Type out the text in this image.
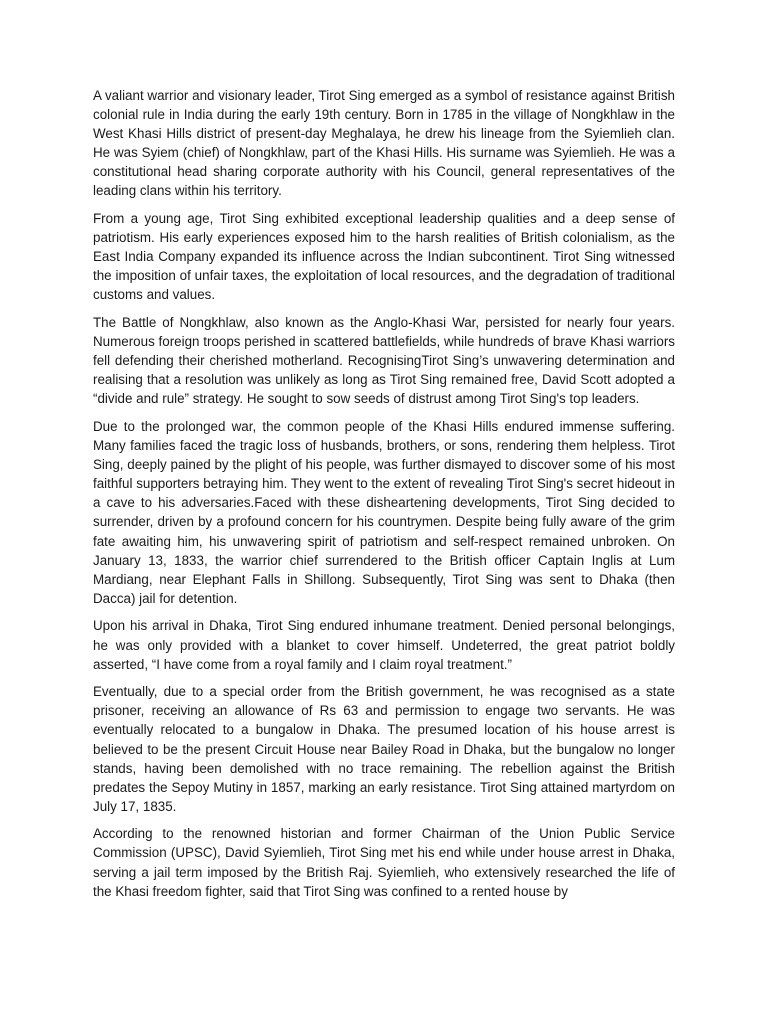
A valiant warrior and visionary leader, Tirot Sing emerged as a symbol of resistance against British colonial rule in India during the early 19th century. Born in 1785 in the village of Nongkhlaw in the West Khasi Hills district of present-day Meghalaya, he drew his lineage from the Syiemlieh clan. He was Syiem (chief) of Nongkhlaw, part of the Khasi Hills. His surname was Syiemlieh. He was a constitutional head sharing corporate authority with his Council, general representatives of the leading clans within his territory.

From a young age, Tirot Sing exhibited exceptional leadership qualities and a deep sense of patriotism. His early experiences exposed him to the harsh realities of British colonialism, as the East India Company expanded its influence across the Indian subcontinent. Tirot Sing witnessed the imposition of unfair taxes, the exploitation of local resources, and the degradation of traditional customs and values.

The Battle of Nongkhlaw, also known as the Anglo-Khasi War, persisted for nearly four years. Numerous foreign troops perished in scattered battlefields, while hundreds of brave Khasi warriors fell defending their cherished motherland. RecognisingTirot Sing’s unwavering determination and realising that a resolution was unlikely as long as Tirot Sing remained free, David Scott adopted a “divide and rule” strategy. He sought to sow seeds of distrust among Tirot Sing's top leaders.

Due to the prolonged war, the common people of the Khasi Hills endured immense suffering. Many families faced the tragic loss of husbands, brothers, or sons, rendering them helpless. Tirot Sing, deeply pained by the plight of his people, was further dismayed to discover some of his most faithful supporters betraying him. They went to the extent of revealing Tirot Sing's secret hideout in a cave to his adversaries.Faced with these disheartening developments, Tirot Sing decided to surrender, driven by a profound concern for his countrymen. Despite being fully aware of the grim fate awaiting him, his unwavering spirit of patriotism and self-respect remained unbroken. On January 13, 1833, the warrior chief surrendered to the British officer Captain Inglis at Lum Mardiang, near Elephant Falls in Shillong. Subsequently, Tirot Sing was sent to Dhaka (then Dacca) jail for detention.

Upon his arrival in Dhaka, Tirot Sing endured inhumane treatment. Denied personal belongings, he was only provided with a blanket to cover himself. Undeterred, the great patriot boldly asserted, “I have come from a royal family and I claim royal treatment.”

Eventually, due to a special order from the British government, he was recognised as a state prisoner, receiving an allowance of Rs 63 and permission to engage two servants. He was eventually relocated to a bungalow in Dhaka. The presumed location of his house arrest is believed to be the present Circuit House near Bailey Road in Dhaka, but the bungalow no longer stands, having been demolished with no trace remaining. The rebellion against the British predates the Sepoy Mutiny in 1857, marking an early resistance. Tirot Sing attained martyrdom on July 17, 1835.

According to the renowned historian and former Chairman of the Union Public Service Commission (UPSC), David Syiemlieh, Tirot Sing met his end while under house arrest in Dhaka, serving a jail term imposed by the British Raj. Syiemlieh, who extensively researched the life of the Khasi freedom fighter, said that Tirot Sing was confined to a rented house by
